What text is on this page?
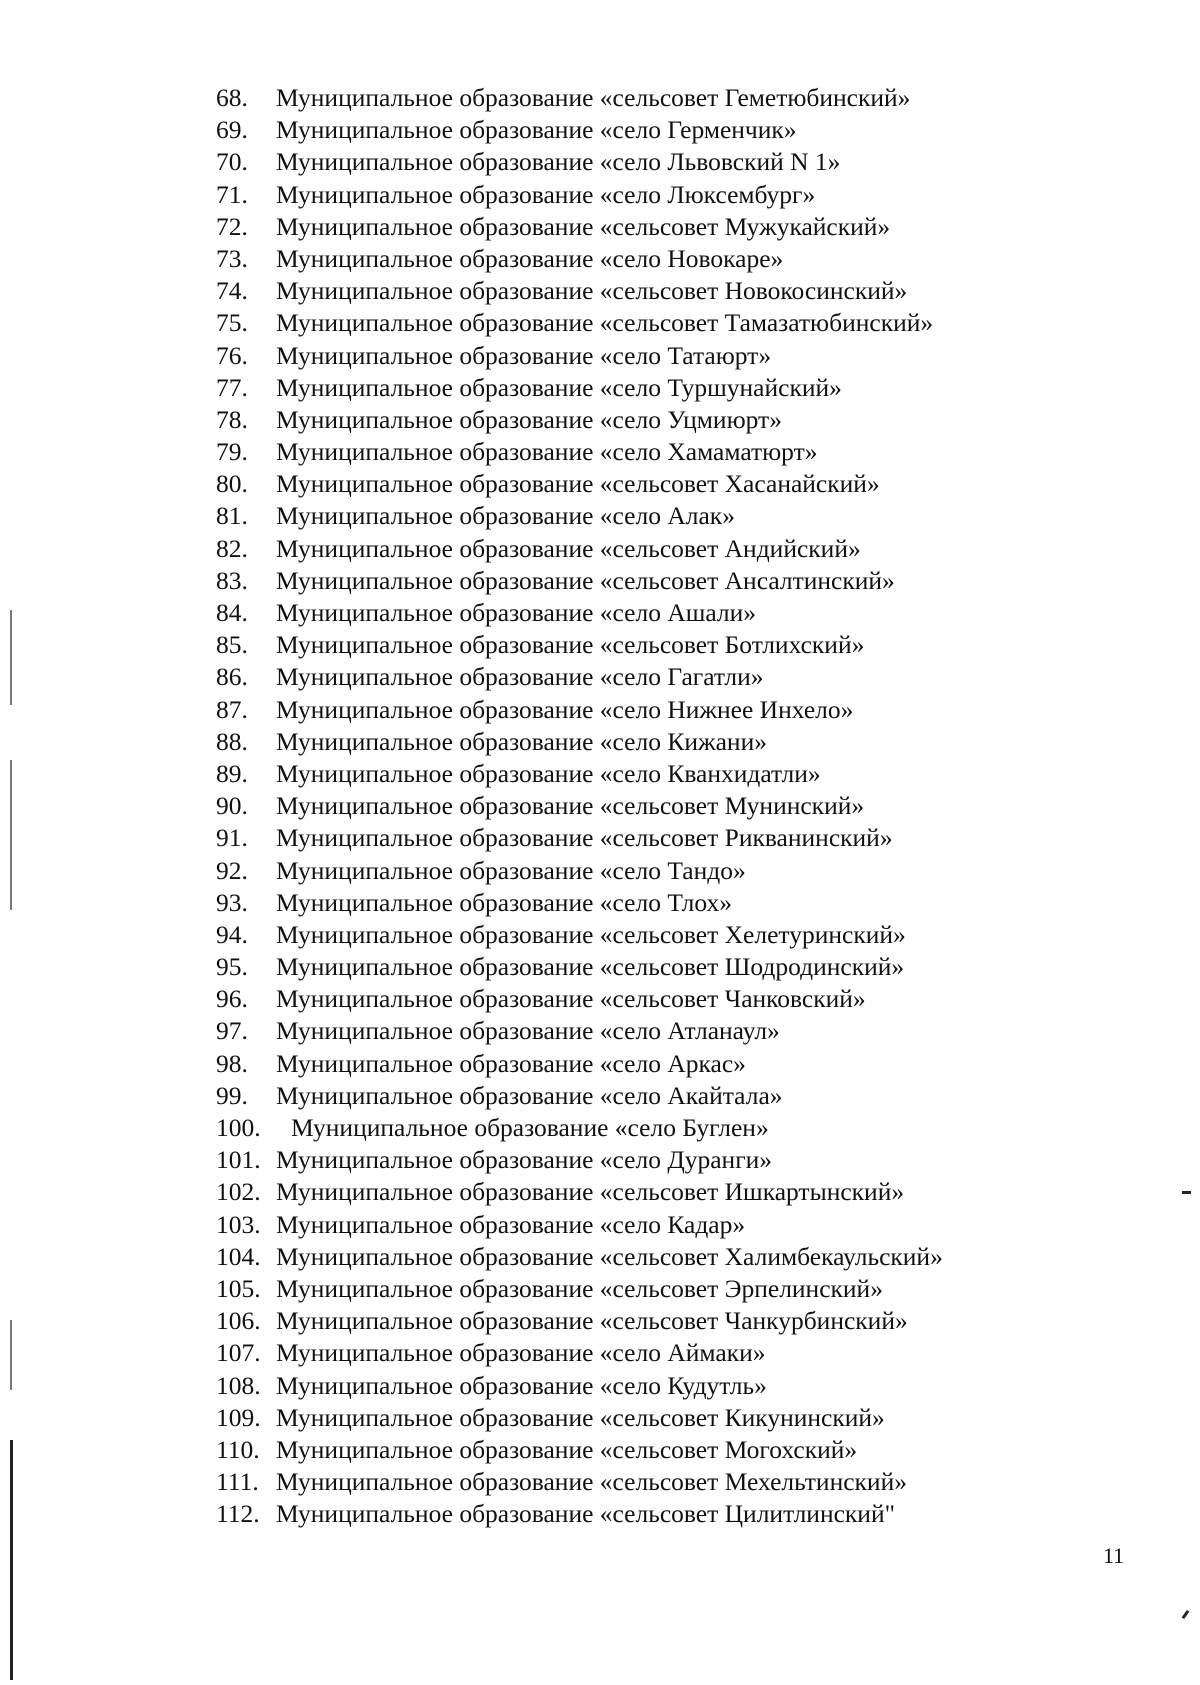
68.	Муниципальное образование «сельсовет Геметюбинский»
69.	Муниципальное образование «село Герменчик»
70.	Муниципальное образование «село Львовский N 1»
71.	Муниципальное образование «село Люксембург»
72.	Муниципальное образование «сельсовет Мужукайский»
73.	Муниципальное образование «село Новокаре»
74.	Муниципальное образование «сельсовет Новокосинский»
75.	Муниципальное образование «сельсовет Тамазатюбинский»
76.	Муниципальное образование «село Татаюрт»
77.	Муниципальное образование «село Туршунайский»
78.	Муниципальное образование «село Уцмиюрт»
79.	Муниципальное образование «село Хамаматюрт»
80.	Муниципальное образование «сельсовет Хасанайский»
81.	Муниципальное образование «село Алак»
82.	Муниципальное образование «сельсовет Андийский»
83.	Муниципальное образование «сельсовет Ансалтинский»
84.	Муниципальное образование «село Ашали»
85.	Муниципальное образование «сельсовет Ботлихский»
86.	Муниципальное образование «село Гагатли»
87.	Муниципальное образование «село Нижнее Инхело»
88.	Муниципальное образование «село Кижани»
89.	Муниципальное образование «село Кванхидатли»
90.	Муниципальное образование «сельсовет Мунинский»
91.	Муниципальное образование «сельсовет Рикванинский»
92.	Муниципальное образование «село Тандо»
93.	Муниципальное образование «село Тлох»
94.	Муниципальное образование «сельсовет Хелетуринский»
95.	Муниципальное образование «сельсовет Шодродинский»
96.	Муниципальное образование «сельсовет Чанковский»
97.	Муниципальное образование «село Атланаул»
98.	Муниципальное образование «село Аркас»
99.	Муниципальное образование «село Акайтала»
100.	Муниципальное образование «село Буглен»
101. Муниципальное образование «село Дуранги»
102. Муниципальное образование «сельсовет Ишкартынский»
103. Муниципальное образование «село Кадар»
104. Муниципальное образование «сельсовет Халимбекаульский»
105. Муниципальное образование «сельсовет Эрпелинский»
106. Муниципальное образование «сельсовет Чанкурбинский»
107. Муниципальное образование «село Аймаки»
108. Муниципальное образование «село Кудутль»
109. Муниципальное образование «сельсовет Кикунинский»
110. Муниципальное образование «сельсовет Могохский»
111. Муниципальное образование «сельсовет Мехельтинский»
112. Муниципальное образование «сельсовет Цилитлинский"
11
